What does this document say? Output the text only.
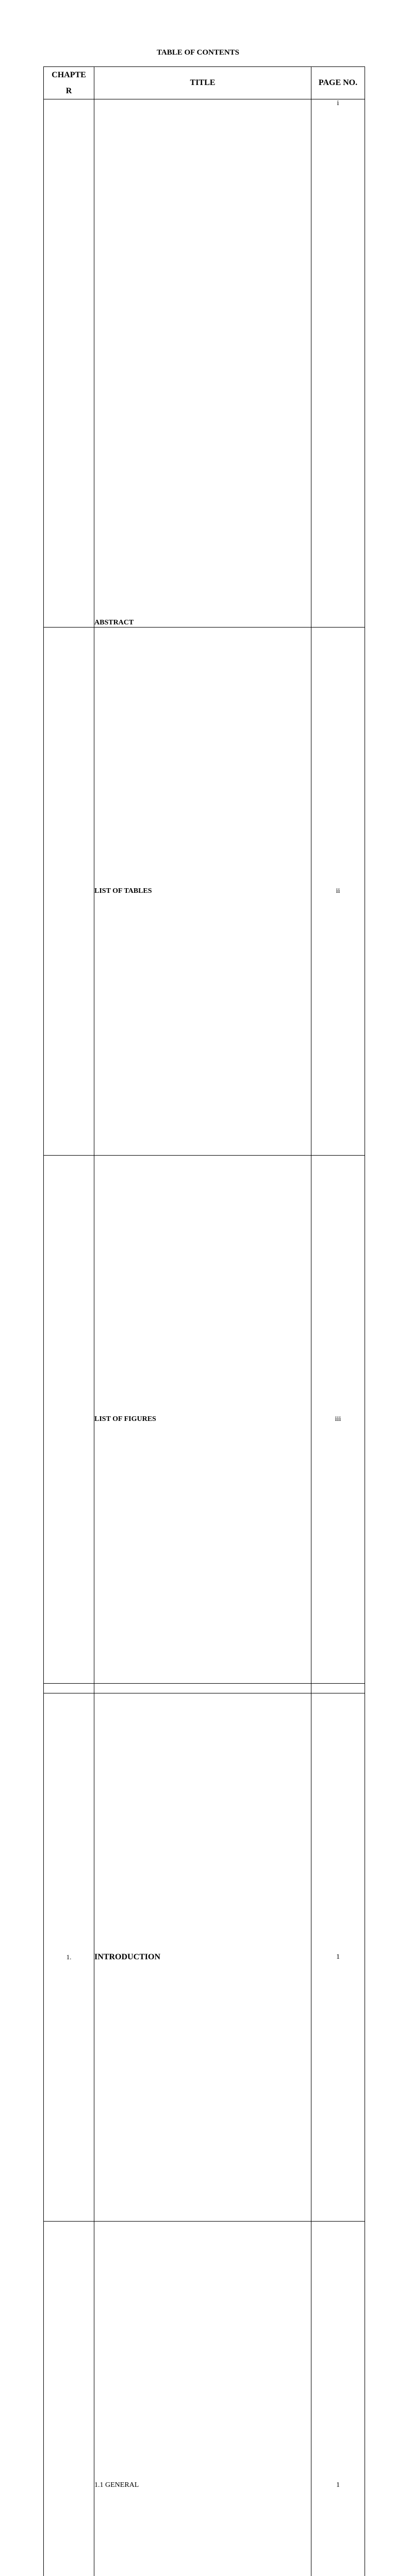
TABLE OF CONTENTS
CHAPTE
R	TITLE	PAGE NO.
	ABSTRACT	i
	LIST OF TABLES	ii
	LIST OF FIGURES	iii

1.	INTRODUCTION	1
	1.1 GENERAL	1
